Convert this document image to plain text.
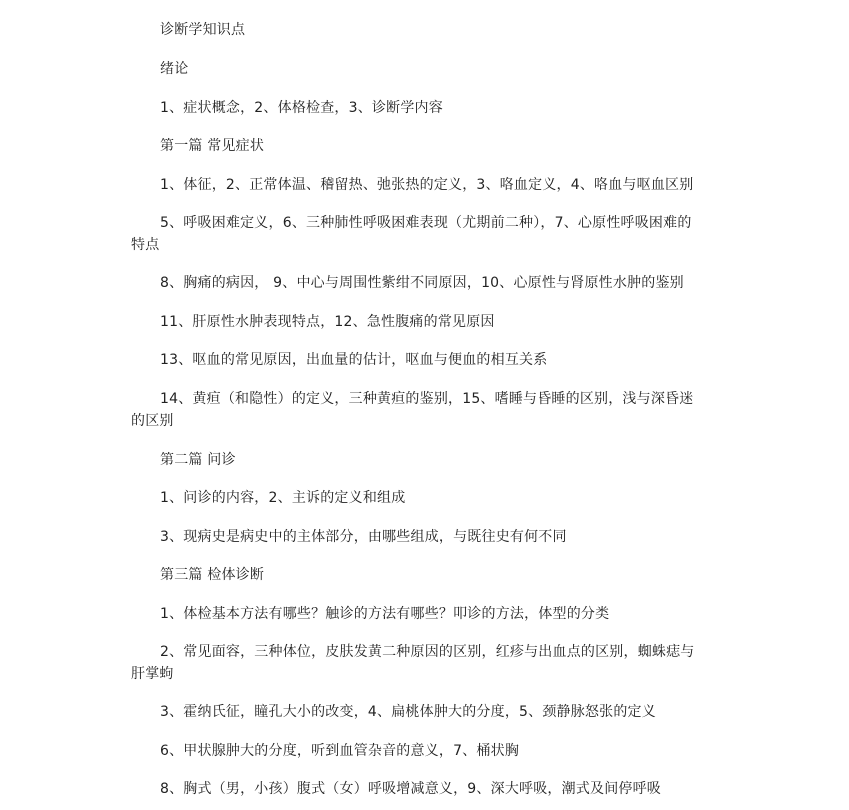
诊断学知识点
绪论
1、症状概念，2、体格检查，3、诊断学内容
第一篇 常见症状
1、体征，2、正常体温、稽留热、弛张热的定义，3、咯血定义，4、咯血与呕血区别
5、呼吸困难定义，6、三种肺性呼吸困难表现（尤期前二种），7、心原性呼吸困难的
特点
8、胸痛的病因， 9、中心与周围性紫绀不同原因，10、心原性与肾原性水肿的鉴别
11、肝原性水肿表现特点，12、急性腹痛的常见原因
13、呕血的常见原因，出血量的估计，呕血与便血的相互关系
14、黄疸（和隐性）的定义，三种黄疸的鉴别，15、嗜睡与昏睡的区别，浅与深昏迷
的区别
第二篇 问诊
1、问诊的内容，2、主诉的定义和组成
3、现病史是病史中的主体部分，由哪些组成，与既往史有何不同
第三篇 检体诊断
1、体检基本方法有哪些？触诊的方法有哪些？叩诊的方法，体型的分类
2、常见面容，三种体位，皮肤发黄二种原因的区别，红疹与出血点的区别，蜘蛛痣与
肝掌蚼
3、霍纳氏征，瞳孔大小的改变，4、扁桃体肿大的分度，5、颈静脉怒张的定义
6、甲状腺肿大的分度，听到血管杂音的意义，7、桶状胸
8、胸式（男，小孩）腹式（女）呼吸增减意义，9、深大呼吸，潮式及间停呼吸
